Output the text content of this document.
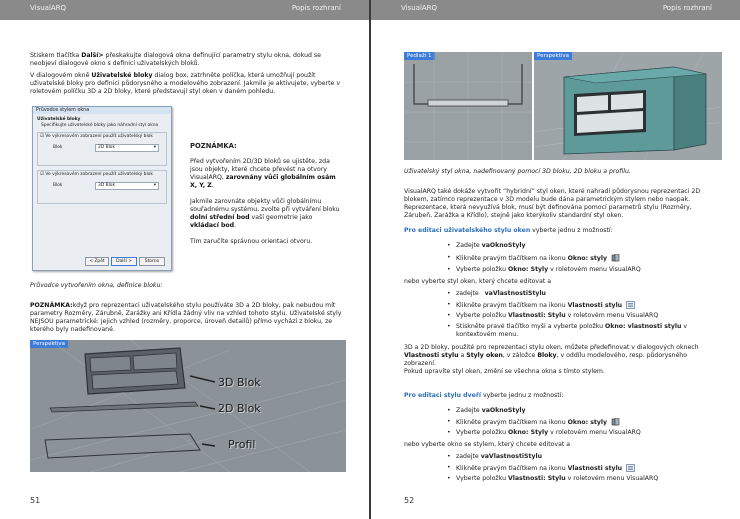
VisualARQ	Popis rozhraní
Stiskem tlačítka Další> přeskakujte dialogová okna definující parametry stylu okna, dokud se neobjeví dialogové okno s definicí uživatelských bloků.
V dialogovém okně Uživatelské bloky dialog box, zatrhněte políčka, která umožňují použít uživatelské bloky pro definici půdorysného a modelového zobrazení. Jakmile je aktivujete, vyberte v roletovém políčku 3D a 2D bloky, které představují styl oken v daném pohledu.
Průvodce stylem okna
Uživatelské bloky
Specifikujte uživatelské bloky jako náhradní styl okna
☑ Ve výkresovém zobrazení použít uživatelský blok
Blok	2D Blok	▾
☑ Ve výkresovém zobrazení použít uživatelský blok
Blok	3D Blok	▾
< Zpět	Další >	Storno
POZNÁMKA:
Před vytvořením 2D/3D bloků se ujistěte, zda jsou objekty, které chcete převést na otvory VisualARQ, zarovnány vůči globálním osám X, Y, Z.
Jakmile zarovnáte objekty vůči globálnímu souřadnému systému, zvolte při vytváření bloku dolní střední bod vaší geometrie jako vkládací bod.
Tím zaručíte správnou orientaci otvoru.
Průvodce vytvořením okna, definice bloku:
POZNÁMKA:když pro reprezentaci uživatelského stylu používáte 3D a 2D bloky, pak nebudou mít parametry Rozměry, Zárubně, Zarážky ani Křídla žádný vliv na vzhled tohoto stylu. Uživatelské styly NEJSOU parametrické: jejich vzhled (rozměry, proporce, úroveň detailů) přímo vychází z bloku, ze kterého byly nadefinované.
Perspektiva
3D Blok
2D Blok
Profil
51
VisualARQ	Popis rozhraní
Pedlaží 1	Perspektiva
Uživatelský styl okna, nadefinovaný pomocí 3D bloku, 2D bloku a profilu.
VisualARQ také dokáže vytvořit “hybridní” styl oken, které nahradí půdorysnou reprezentaci 2D blokem, zatímco reprezentace v 3D modelu bude dána parametrickým stylem nebo naopak. Reprezentace, která nevyužívá blok, musí být definována pomocí parametrů stylu (Rozměry, Zárubeň, Zarážka a Křídlo), stejně jako kterýkoliv standardní styl oken.
Pro editaci uživatelského stylu oken vyberte jednu z možností:
• Zadejte vaOknoStyly
• Klikněte pravým tlačítkem na ikonu Okno: styly
• Vyberte položku Okno: Styly v roletovém menu VisualARQ
nebo vyberte styl oken, který chcete editovat a
• zadejte   vaVlastnostiStylu
• Klikněte pravým tlačítkem na ikonu Vlastnosti stylu
• Vyberte položku Vlastnosti: Stylu v roletovém menu VisualARQ
• Stiskněte pravé tlačítko myši a vyberte položku Okno: vlastnosti stylu v kontextovém menu.
3D a 2D bloky, použité pro reprezentaci stylu oken, můžete předefinovat v dialogových oknech Vlastnosti stylu a Styly oken, v záložce Bloky, v oddílu modelového, resp. půdorysného zobrazení.
Pokud upravíte styl oken, změní se všechna okna s tímto stylem.
Pro editaci stylu dveří vyberte jednu z možností:
• Zadejte vaOknoStyly
• Klikněte pravým tlačítkem na ikonu Okno: styly
• Vyberte položku Okno: Styly v roletovém menu VisualARQ
nebo vyberte okno se stylem, který chcete editovat a
• zadejte vaVlastnostiStylu
• Klikněte pravým tlačítkem na ikonu Vlastnosti stylu
• Vyberte položku Vlastnosti: Stylu v roletovém menu VisualARQ
52
